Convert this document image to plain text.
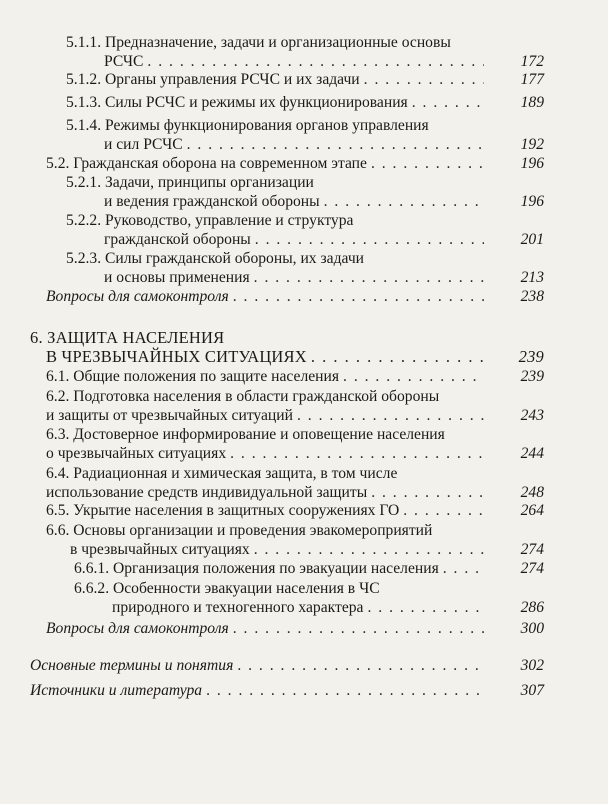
5.1.1. Предназначение, задачи и организационные основы
РСЧС . . .	172
5.1.2. Органы управления РСЧС и их задачи . . .	177
5.1.3. Силы РСЧС и режимы их функционирования . . .	189
5.1.4. Режимы функционирования органов управления
и сил РСЧС . . .	192
5.2. Гражданская оборона на современном этапе . . .	196
5.2.1. Задачи, принципы организации
и ведения гражданской обороны . . .	196
5.2.2. Руководство, управление и структура
гражданской обороны . . .	201
5.2.3. Силы гражданской обороны, их задачи
и основы применения . . .	213
Вопросы для самоконтроля . . .	238
6. ЗАЩИТА НАСЕЛЕНИЯ
В ЧРЕЗВЫЧАЙНЫХ СИТУАЦИЯХ . . .	239
6.1. Общие положения по защите населения . . .	239
6.2. Подготовка населения в области гражданской обороны
и защиты от чрезвычайных ситуаций . . .	243
6.3. Достоверное информирование и оповещение населения
о чрезвычайных ситуациях . . .	244
6.4. Радиационная и химическая защита, в том числе
использование средств индивидуальной защиты . . .	248
6.5. Укрытие населения в защитных сооружениях ГО . . .	264
6.6. Основы организации и проведения эвакомероприятий
в чрезвычайных ситуациях . . .	274
6.6.1. Организация положения по эвакуации населения . . .	274
6.6.2. Особенности эвакуации населения в ЧС
природного и техногенного характера . . .	286
Вопросы для самоконтроля . . .	300
Основные термины и понятия . . .	302
Источники и литература . . .	307
